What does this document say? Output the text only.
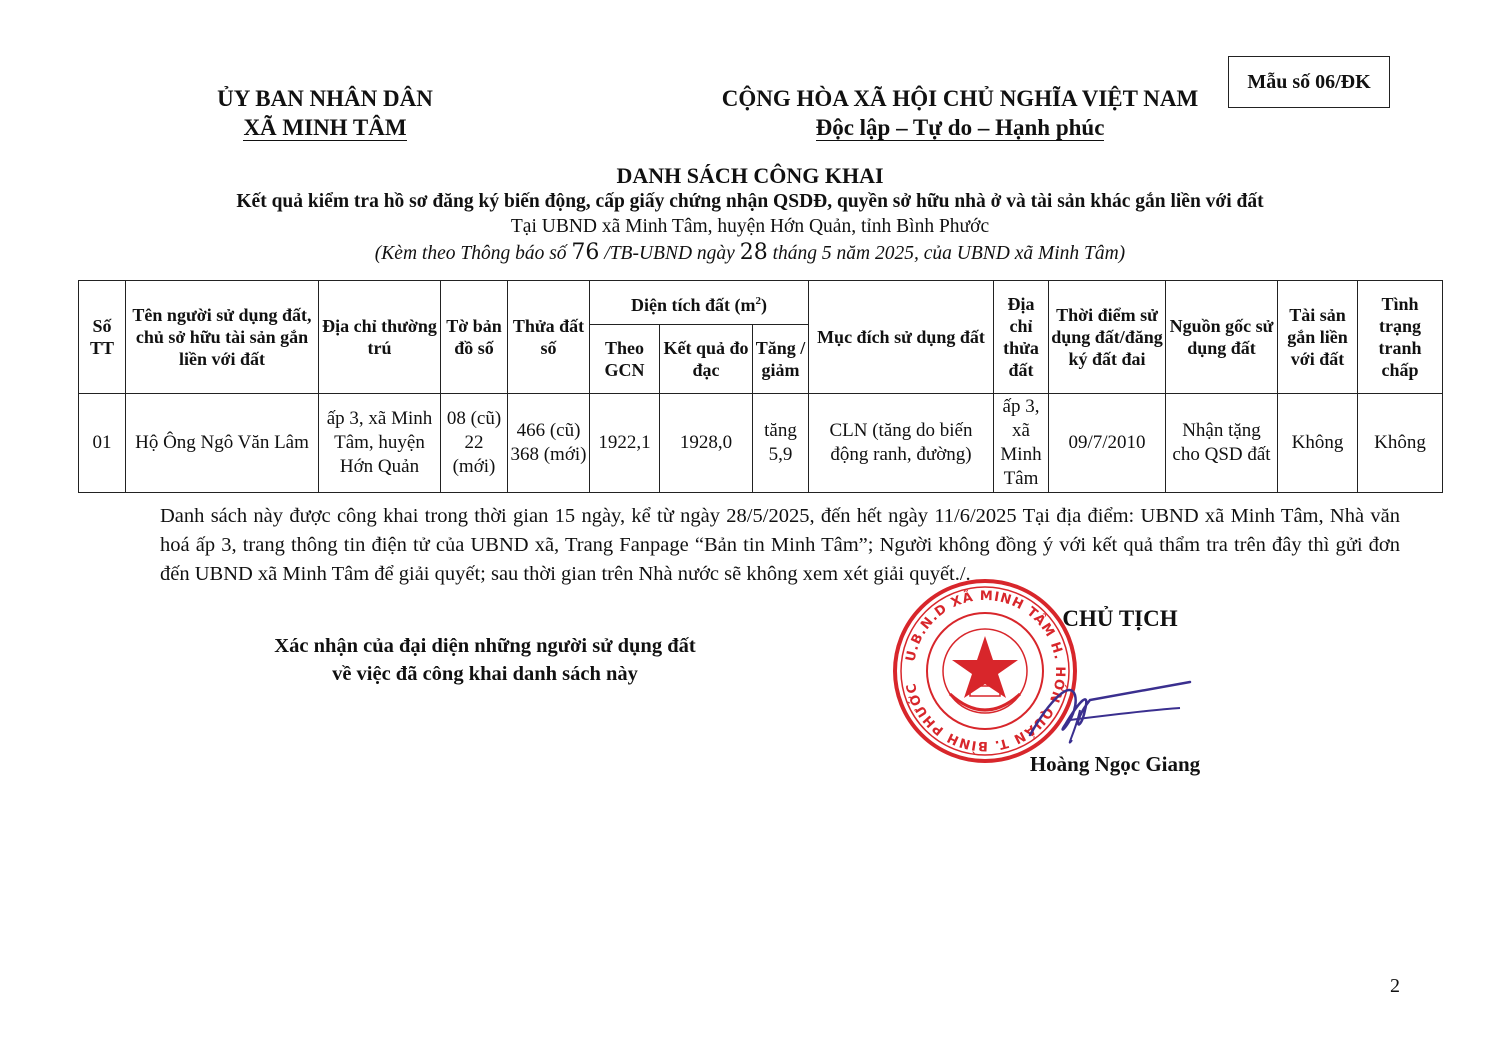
Mẫu số 06/ĐK
ỦY BAN NHÂN DÂN
XÃ MINH TÂM
CỘNG HÒA XÃ HỘI CHỦ NGHĨA VIỆT NAM
Độc lập – Tự do – Hạnh phúc
DANH SÁCH CÔNG KHAI
Kết quả kiểm tra hồ sơ đăng ký biến động, cấp giấy chứng nhận QSDĐ, quyền sở hữu nhà ở và tài sản khác gắn liền với đất
Tại UBND xã Minh Tâm, huyện Hớn Quản, tỉnh Bình Phước
(Kèm theo Thông báo số 76 /TB-UBND ngày 28 tháng 5 năm 2025, của UBND xã Minh Tâm)
Số TT	Tên người sử dụng đất, chủ sở hữu tài sản gắn liền với đất	Địa chỉ thường trú	Tờ bản đồ số	Thửa đất số	Diện tích đất $(m^2)$			Mục đích sử dụng đất	Địa chỉ thửa đất	Thời điểm sử dụng đất/đăng ký đất đai	Nguồn gốc sử dụng đất	Tài sản gắn liền với đất	Tình trạng tranh chấp
					Theo GCN	Kết quả đo đạc	Tăng / giảm						
01	Hộ Ông Ngô Văn Lâm	ấp 3, xã Minh Tâm, huyện Hớn Quản	08 (cũ) 22 (mới)	466 (cũ) 368 (mới)	1922,1	1928,0	tăng 5,9	CLN (tăng do biến động ranh, đường)	ấp 3, xã Minh Tâm	09/7/2010	Nhận tặng cho QSD đất	Không	Không
Danh sách này được công khai trong thời gian 15 ngày, kể từ ngày 28/5/2025, đến hết ngày 11/6/2025 Tại địa điểm: UBND xã Minh Tâm, Nhà văn hoá ấp 3, trang thông tin điện tử của UBND xã, Trang Fanpage “Bản tin Minh Tâm”; Người không đồng ý với kết quả thẩm tra trên đây thì gửi đơn đến UBND xã Minh Tâm để giải quyết; sau thời gian trên Nhà nước sẽ không xem xét giải quyết./.
Xác nhận của đại diện những người sử dụng đất
về việc đã công khai danh sách này
U.B.N.D XÃ MINH TÂM H. HỚN QUẢN T. BÌNH PHƯỚC
CHỦ TỊCH
Hoàng Ngọc Giang
2
